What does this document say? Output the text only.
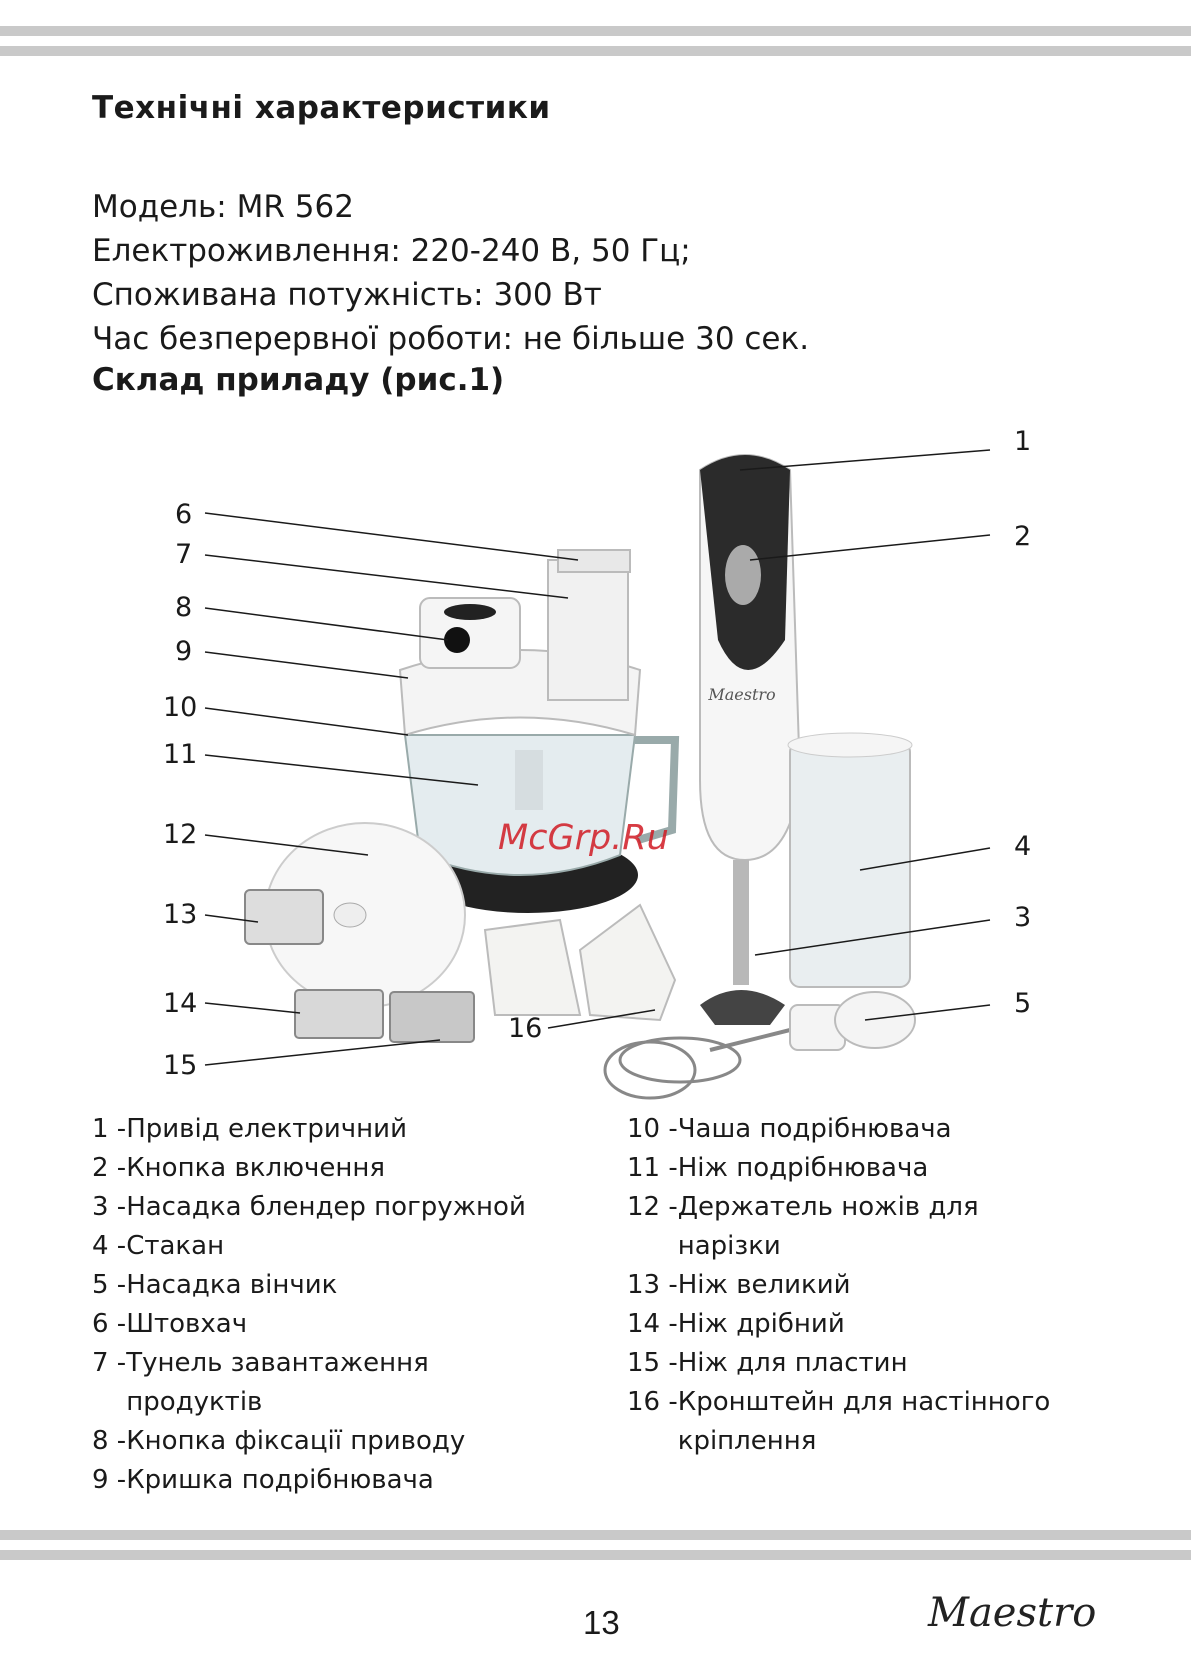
Технічні характеристики
Модель: MR 562
Електроживлення: 220-240 В, 50 Гц;
Споживана потужність: 300 Вт
Час безперервної роботи: не більше 30 сек.
Склад приладу (рис.1)
Maestro
1
2
3
4
5
6
7
8
9
10
11
12
13
14
15
16
McGrp.Ru
1 - Привід електричний
2 - Кнопка включення
3 - Насадка блендер погружной
4 - Стакан
5 - Насадка вінчик
6 - Штовхач
7 - Тунель завантаження
продуктів
8 - Кнопка фіксації приводу
9 - Кришка подрібнювача
10 - Чаша подрібнювача
11 - Ніж подрібнювача
12 - Держатель ножів для
нарізки
13 - Ніж великий
14 - Ніж дрібний
15 - Ніж для пластин
16 - Кронштейн для настінного
кріплення
13	Maestro
